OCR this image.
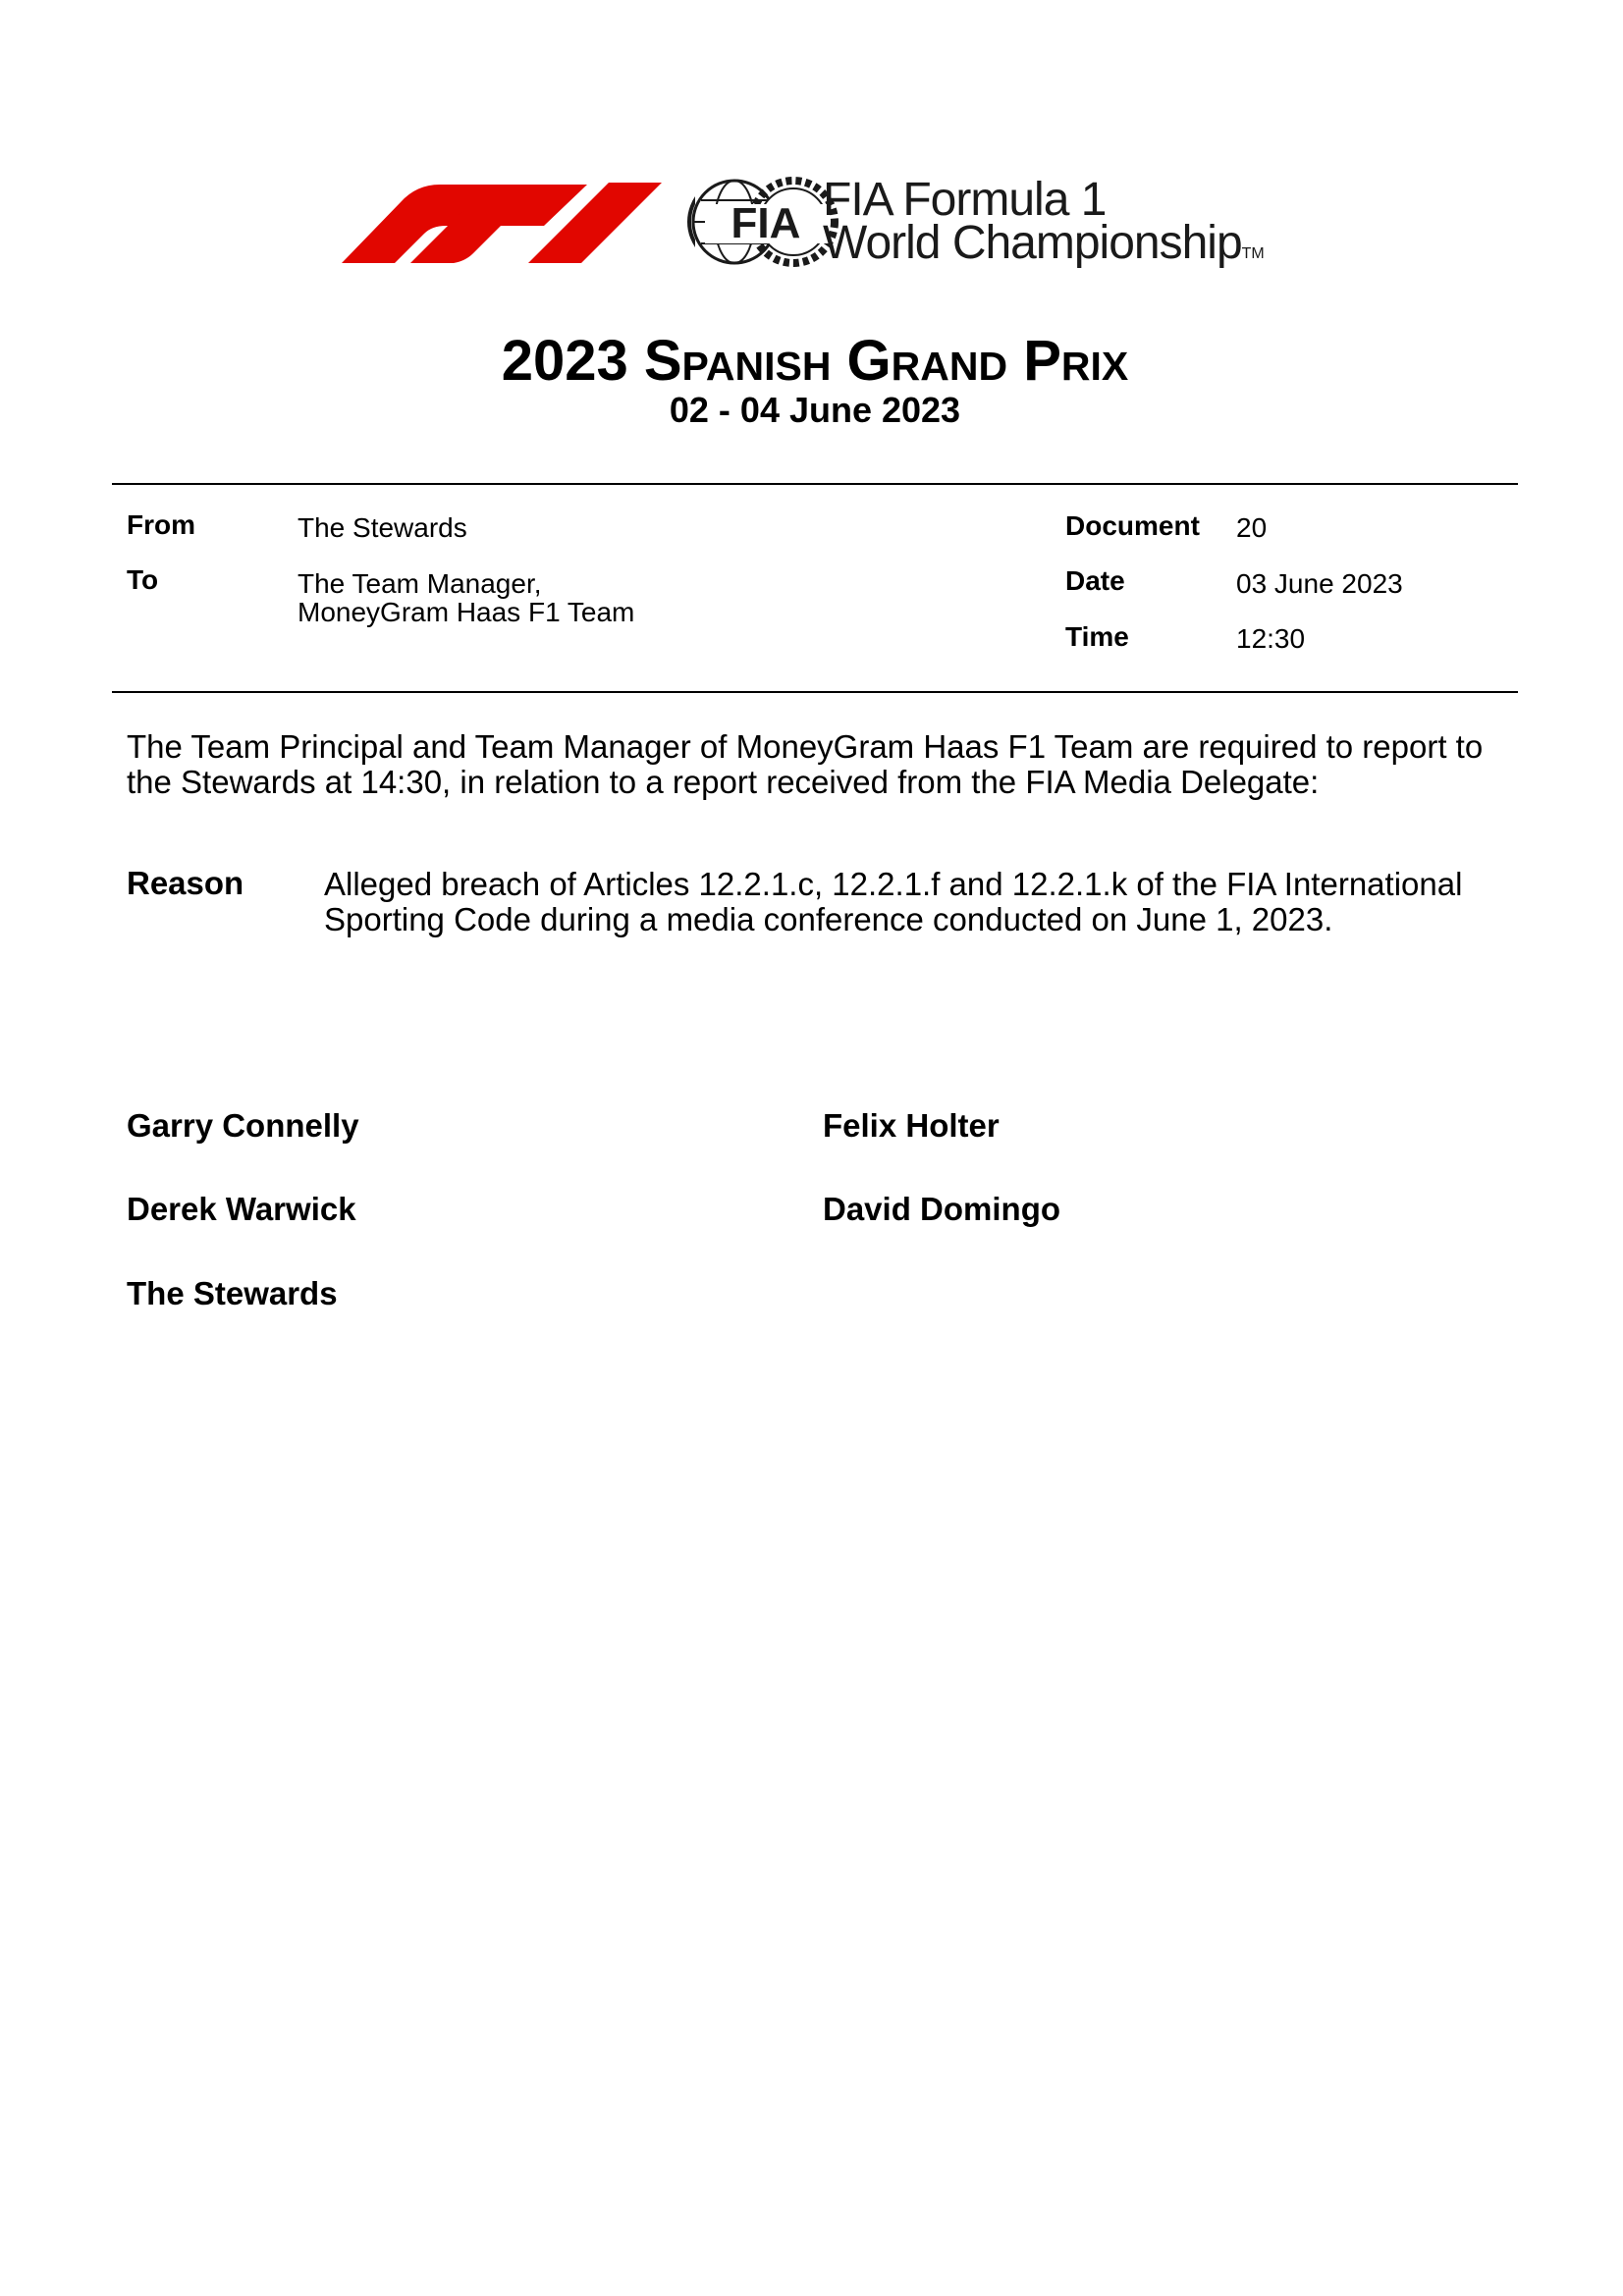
FIA FIA Formula 1
World ChampionshipTM
2023 Spanish Grand Prix
02 - 04 June 2023
From	The Stewards
To	The Team Manager,
MoneyGram Haas F1 Team
Document 20
Date	03 June 2023
Time	12:30
The Team Principal and Team Manager of MoneyGram Haas F1 Team are required to report to the Stewards at 14:30, in relation to a report received from the FIA Media Delegate:
Reason Alleged breach of Articles 12.2.1.c, 12.2.1.f and 12.2.1.k of the FIA International Sporting Code during a media conference conducted on June 1, 2023.
Garry Connelly	Felix Holter
Derek Warwick	David Domingo
The Stewards
